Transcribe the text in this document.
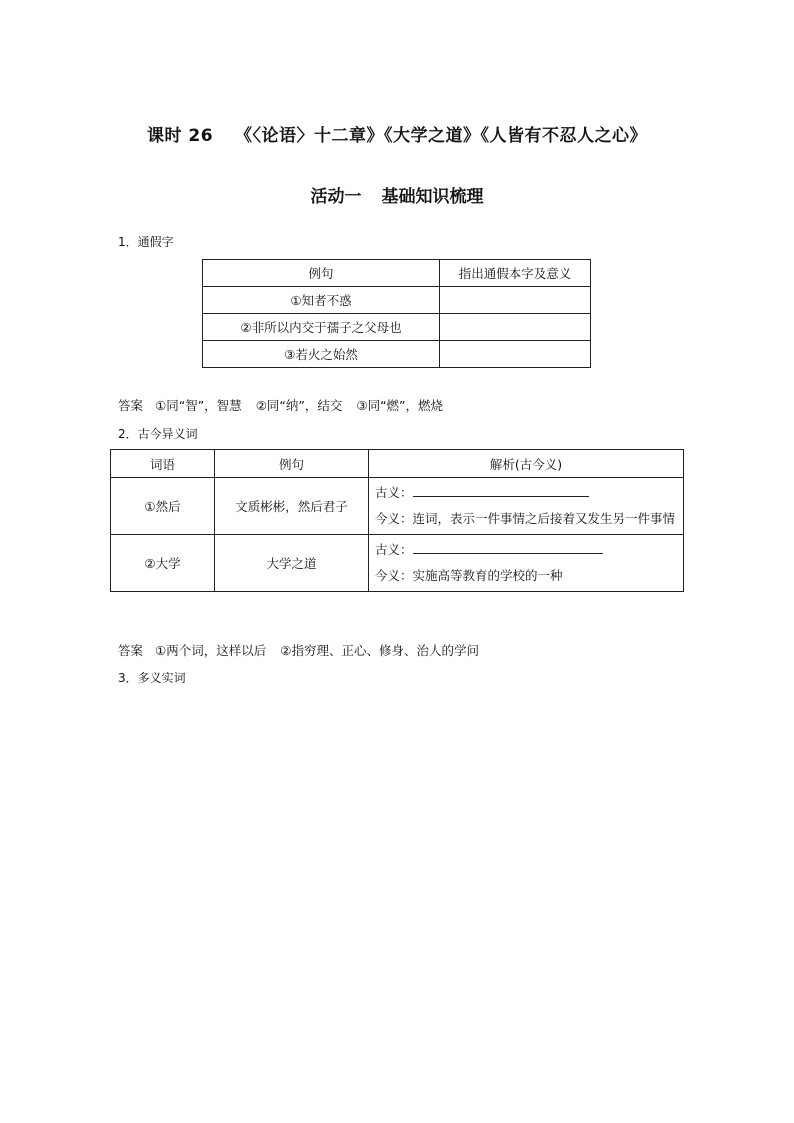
课时 26 《〈论语〉十二章》《大学之道》《人皆有不忍人之心》
活动一 基础知识梳理
1．通假字
例句	指出通假本字及意义
①知者不惑	
②非所以内交于孺子之父母也	
③若火之始然	
答案 ①同“智”，智慧 ②同“纳”，结交 ③同“燃”，燃烧
2．古今异义词
词语	例句	解析(古今义)
①然后	文质彬彬，然后君子	古义：
今义：连词，表示一件事情之后接着又发生另一件事情

②大学	大学之道	古义：
今义：实施高等教育的学校的一种
答案 ①两个词，这样以后 ②指穷理、正心、修身、治人的学问
3．多义实词
